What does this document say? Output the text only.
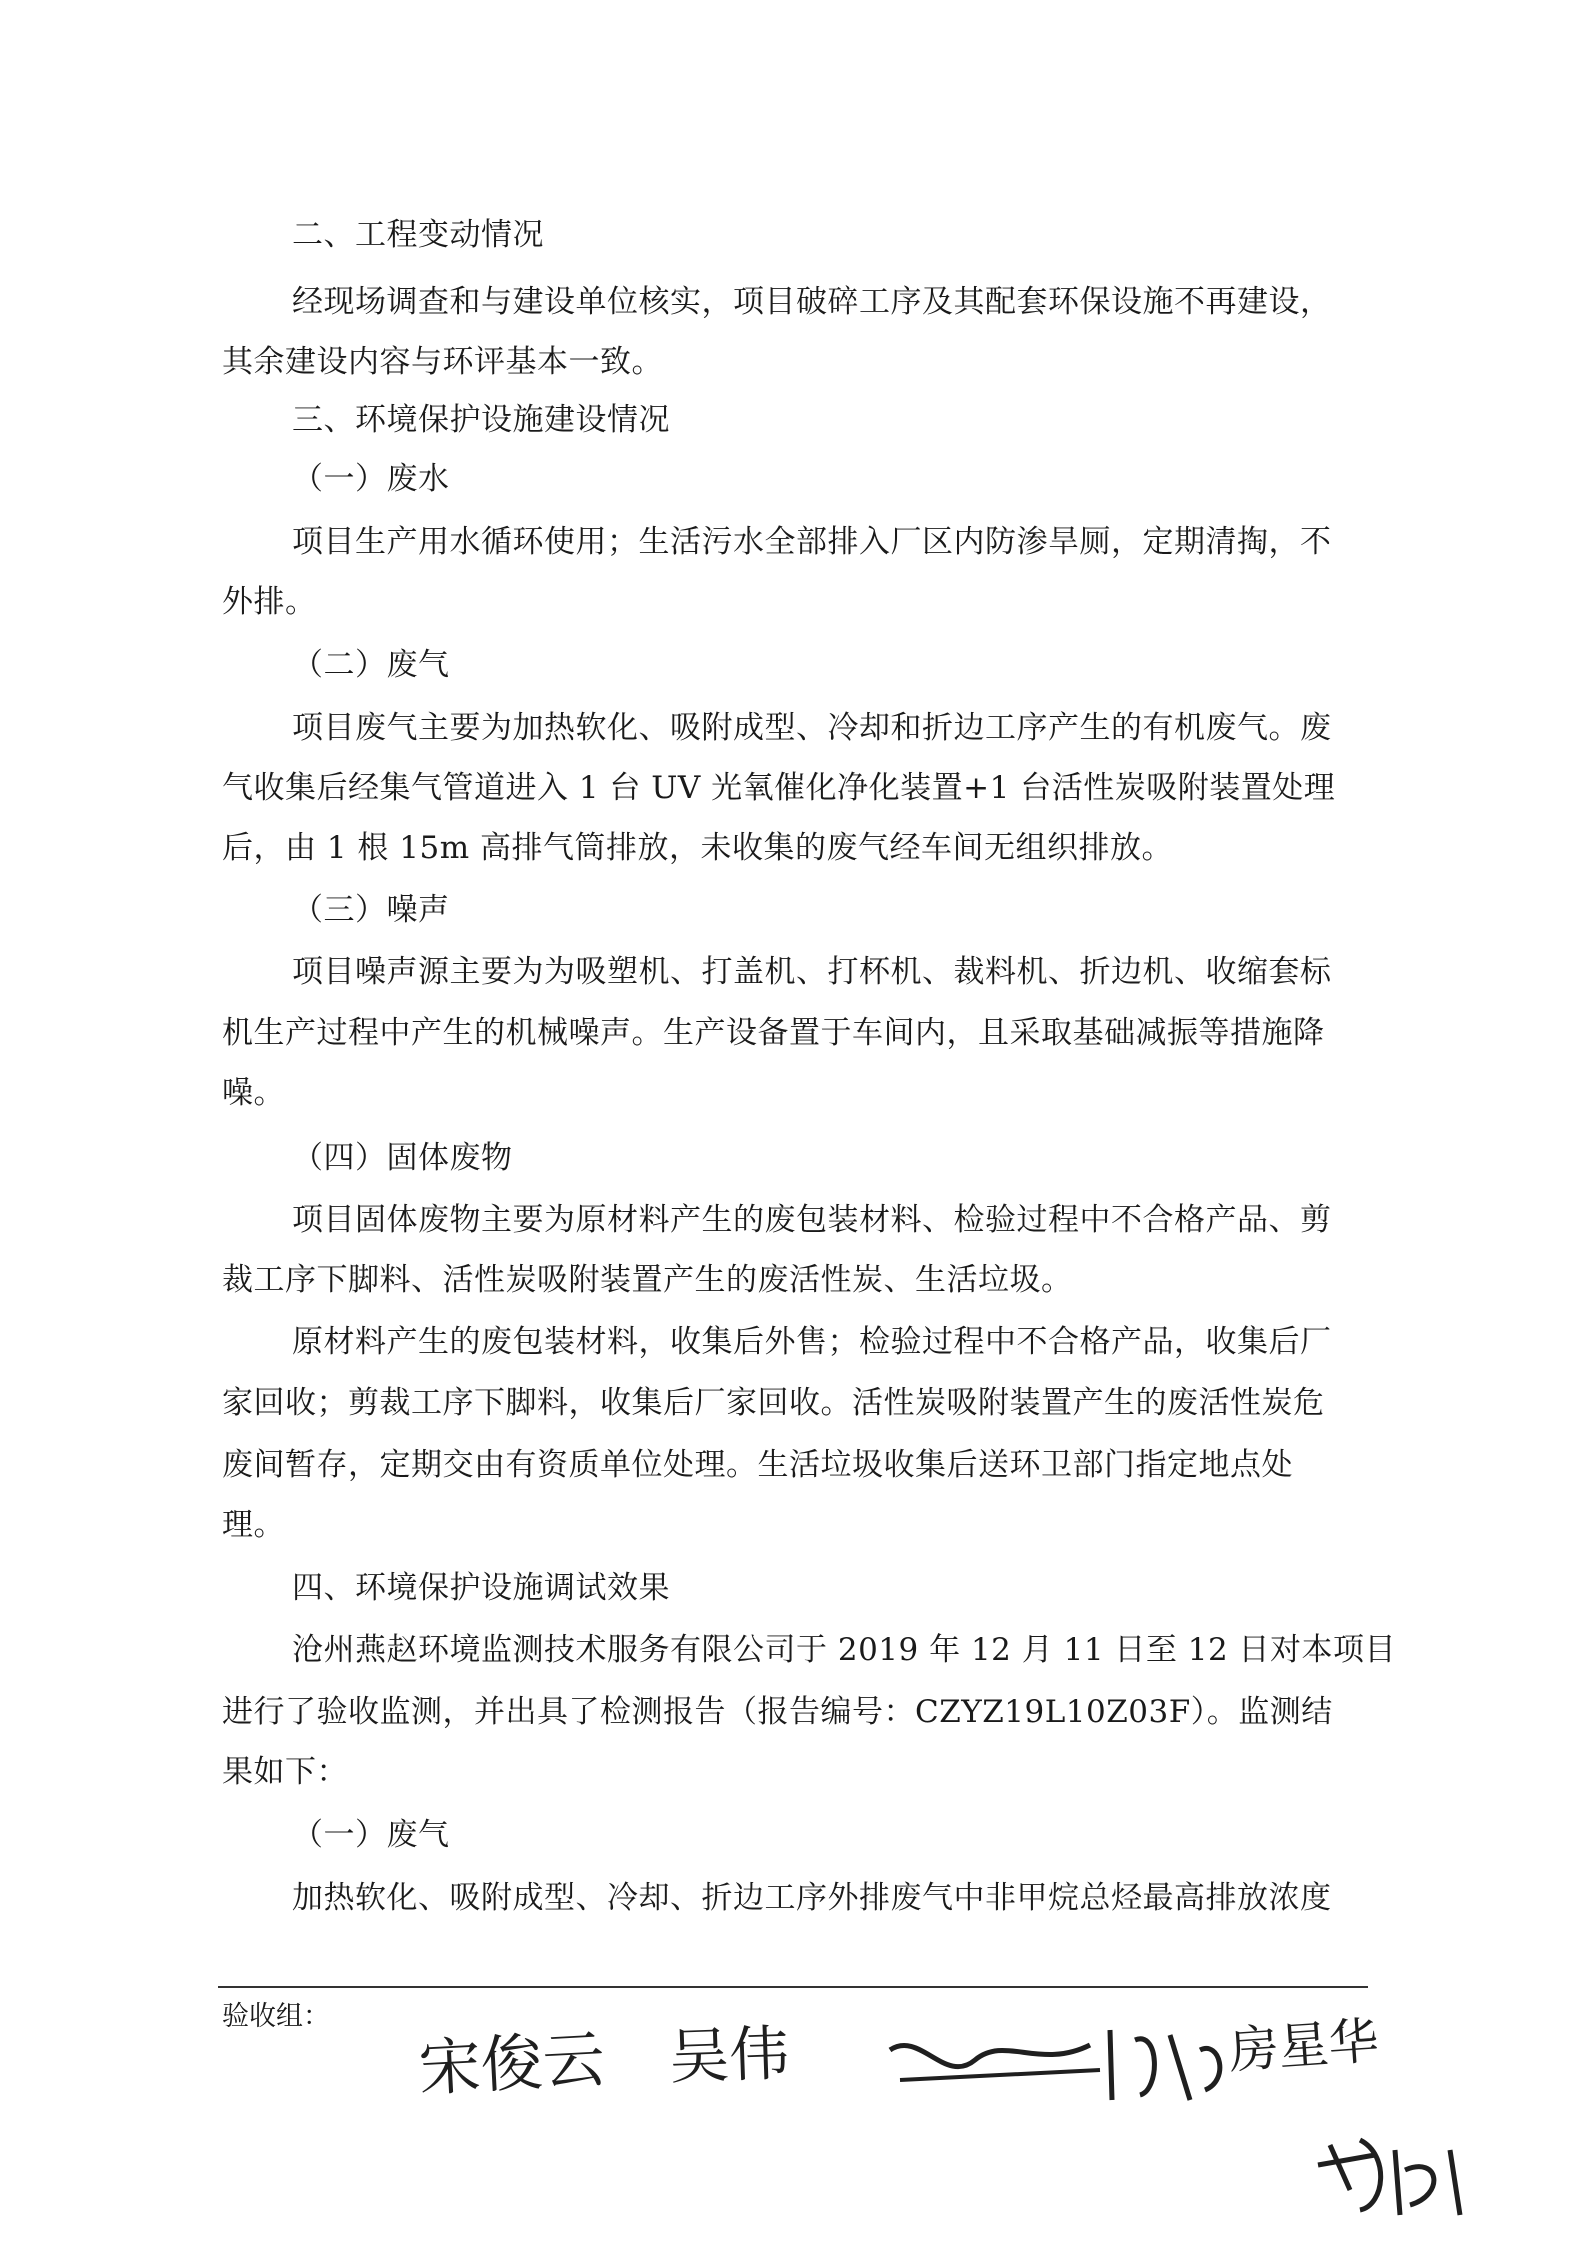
二、工程变动情况
经现场调查和与建设单位核实，项目破碎工序及其配套环保设施不再建设，
其余建设内容与环评基本一致。
三、环境保护设施建设情况
（一）废水
项目生产用水循环使用；生活污水全部排入厂区内防渗旱厕，定期清掏，不
外排。
（二）废气
项目废气主要为加热软化、吸附成型、冷却和折边工序产生的有机废气。废
气收集后经集气管道进入 1 台 UV 光氧催化净化装置+1 台活性炭吸附装置处理
后，由 1 根 15m 高排气筒排放，未收集的废气经车间无组织排放。
（三）噪声
项目噪声源主要为为吸塑机、打盖机、打杯机、裁料机、折边机、收缩套标
机生产过程中产生的机械噪声。生产设备置于车间内，且采取基础减振等措施降
噪。
（四）固体废物
项目固体废物主要为原材料产生的废包装材料、检验过程中不合格产品、剪
裁工序下脚料、活性炭吸附装置产生的废活性炭、生活垃圾。
原材料产生的废包装材料，收集后外售；检验过程中不合格产品，收集后厂
家回收；剪裁工序下脚料，收集后厂家回收。活性炭吸附装置产生的废活性炭危
废间暂存，定期交由有资质单位处理。生活垃圾收集后送环卫部门指定地点处
理。
四、环境保护设施调试效果
沧州燕赵环境监测技术服务有限公司于 2019 年 12 月 11 日至 12 日对本项目
进行了验收监测，并出具了检测报告（报告编号：CZYZ19L10Z03F）。监测结
果如下：
（一）废气
加热软化、吸附成型、冷却、折边工序外排废气中非甲烷总烃最高排放浓度
验收组：
宋俊云 吴伟	房星华
